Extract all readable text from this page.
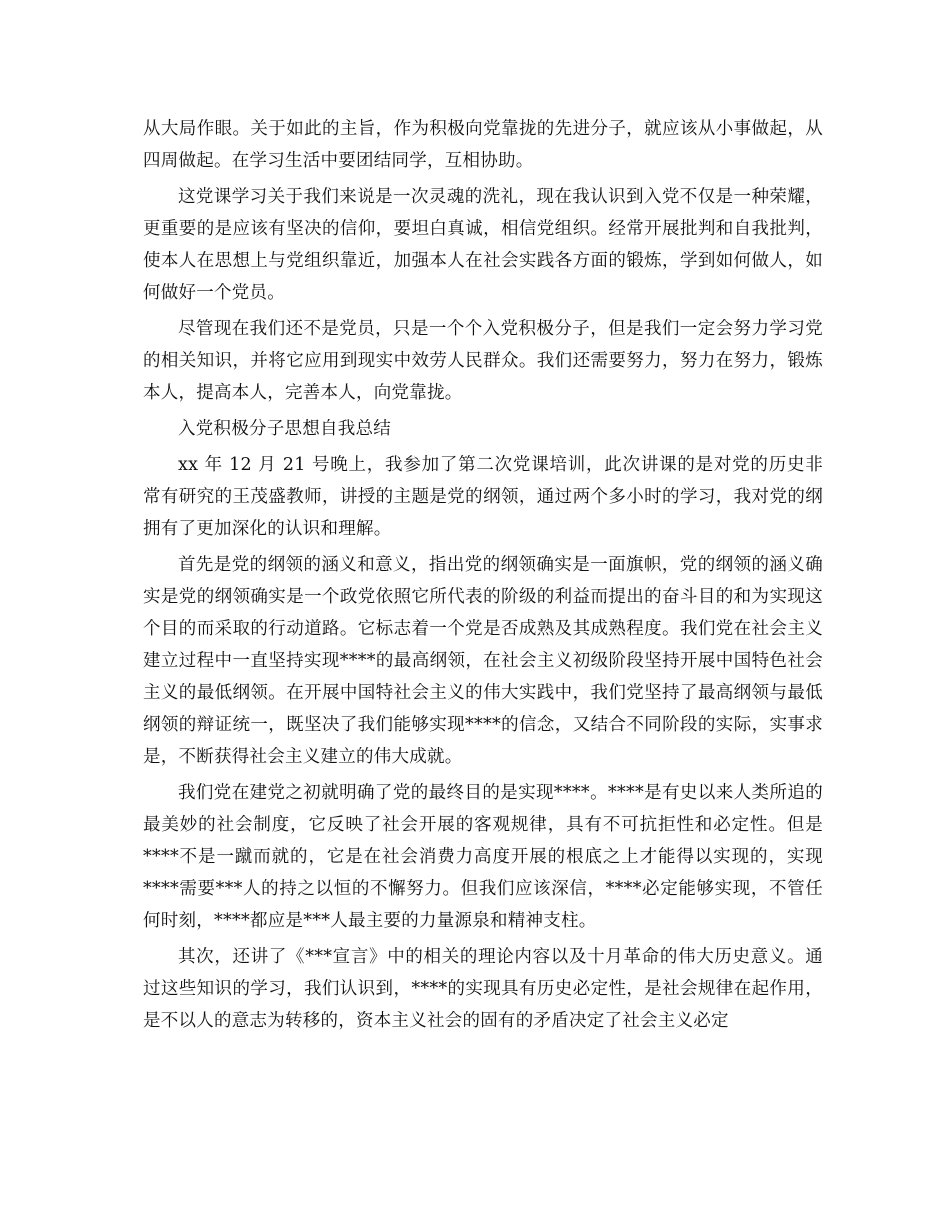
从大局作眼。关于如此的主旨，作为积极向党靠拢的先进分子，就应该从小事做起，从四周做起。在学习生活中要团结同学，互相协助。

这党课学习关于我们来说是一次灵魂的洗礼，现在我认识到入党不仅是一种荣耀，更重要的是应该有坚决的信仰，要坦白真诚，相信党组织。经常开展批判和自我批判，使本人在思想上与党组织靠近，加强本人在社会实践各方面的锻炼，学到如何做人，如何做好一个党员。

尽管现在我们还不是党员，只是一个个入党积极分子，但是我们一定会努力学习党的相关知识，并将它应用到现实中效劳人民群众。我们还需要努力，努力在努力，锻炼本人，提高本人，完善本人，向党靠拢。

入党积极分子思想自我总结

xx 年 12 月 21 号晚上，我参加了第二次党课培训，此次讲课的是对党的历史非常有研究的王茂盛教师，讲授的主题是党的纲领，通过两个多小时的学习，我对党的纲拥有了更加深化的认识和理解。

首先是党的纲领的涵义和意义，指出党的纲领确实是一面旗帜，党的纲领的涵义确实是党的纲领确实是一个政党依照它所代表的阶级的利益而提出的奋斗目的和为实现这个目的而采取的行动道路。它标志着一个党是否成熟及其成熟程度。我们党在社会主义建立过程中一直坚持实现****的最高纲领，在社会主义初级阶段坚持开展中国特色社会主义的最低纲领。在开展中国特社会主义的伟大实践中，我们党坚持了最高纲领与最低纲领的辩证统一，既坚决了我们能够实现****的信念，又结合不同阶段的实际，实事求是，不断获得社会主义建立的伟大成就。

我们党在建党之初就明确了党的最终目的是实现****。****是有史以来人类所追的最美妙的社会制度，它反映了社会开展的客观规律，具有不可抗拒性和必定性。但是****不是一蹴而就的，它是在社会消费力高度开展的根底之上才能得以实现的，实现****需要***人的持之以恒的不懈努力。但我们应该深信，****必定能够实现，不管任何时刻，****都应是***人最主要的力量源泉和精神支柱。

其次，还讲了《***宣言》中的相关的理论内容以及十月革命的伟大历史意义。通过这些知识的学习，我们认识到，****的实现具有历史必定性，是社会规律在起作用，是不以人的意志为转移的，资本主义社会的固有的矛盾决定了社会主义必定
